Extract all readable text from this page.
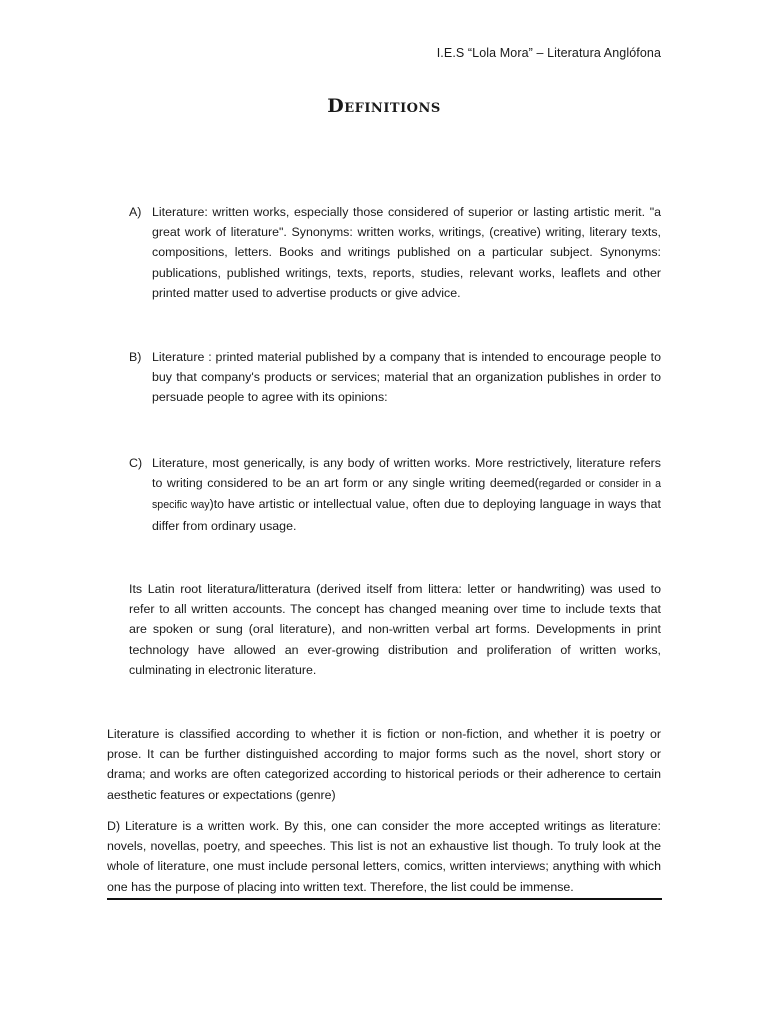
I.E.S “Lola Mora” – Literatura Anglófona
Definitions
A) Literature: written works, especially those considered of superior or lasting artistic merit. "a great work of literature". Synonyms: written works, writings, (creative) writing, literary texts, compositions, letters. Books and writings published on a particular subject. Synonyms: publications, published writings, texts, reports, studies, relevant works, leaflets and other printed matter used to advertise products or give advice.
B) Literature : printed material published by a company that is intended to encourage people to buy that company's products or services; material that an organization publishes in order to persuade people to agree with its opinions:
C) Literature, most generically, is any body of written works. More restrictively, literature refers to writing considered to be an art form or any single writing deemed(regarded or consider in a specific way)to have artistic or intellectual value, often due to deploying language in ways that differ from ordinary usage.
Its Latin root literatura/litteratura (derived itself from littera: letter or handwriting) was used to refer to all written accounts. The concept has changed meaning over time to include texts that are spoken or sung (oral literature), and non-written verbal art forms. Developments in print technology have allowed an ever-growing distribution and proliferation of written works, culminating in electronic literature.
Literature is classified according to whether it is fiction or non-fiction, and whether it is poetry or prose. It can be further distinguished according to major forms such as the novel, short story or drama; and works are often categorized according to historical periods or their adherence to certain aesthetic features or expectations (genre)
D) Literature is a written work. By this, one can consider the more accepted writings as literature: novels, novellas, poetry, and speeches. This list is not an exhaustive list though. To truly look at the whole of literature, one must include personal letters, comics, written interviews; anything with which one has the purpose of placing into written text. Therefore, the list could be immense.
